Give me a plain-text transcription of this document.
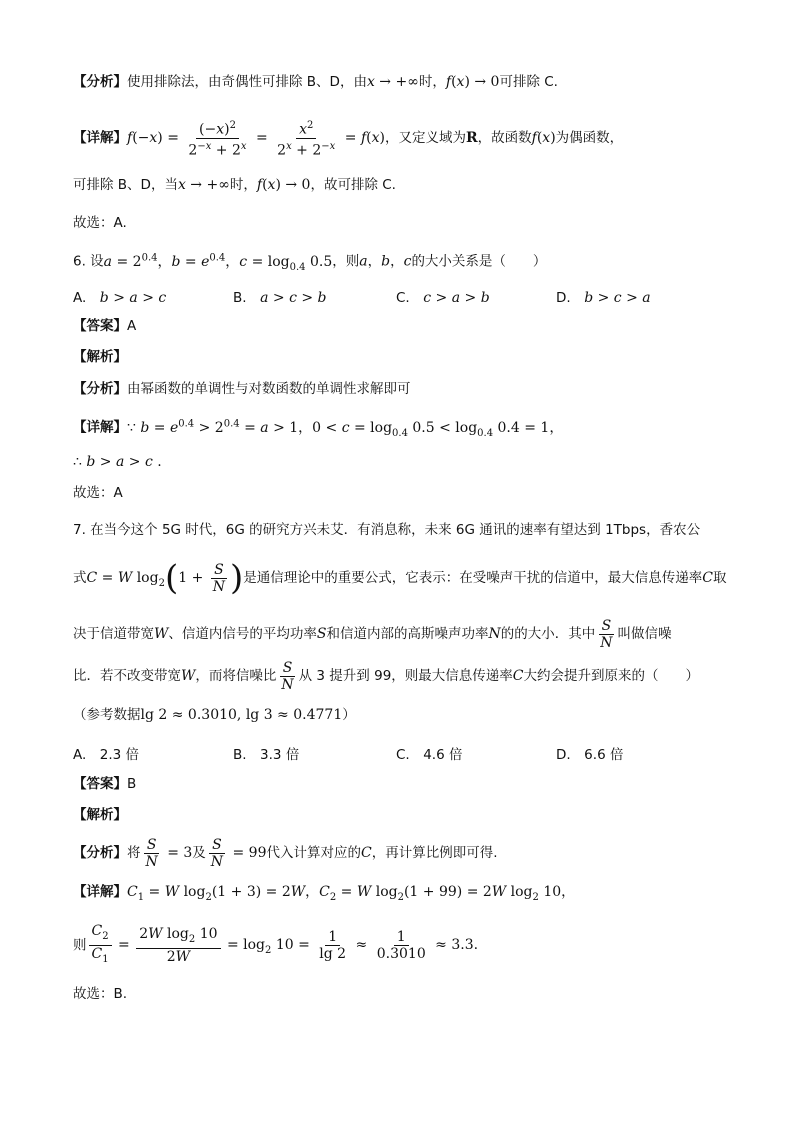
【分析】使用排除法，由奇偶性可排除 B、D，由x → +∞时，f(x) → 0可排除 C.
【详解】$f(-x) = \frac{(-x)^2}{2^{-x} + 2^x} = \frac{x^2}{2^x + 2^{-x}} = f(x)$，又定义域为R，故函数f(x)为偶函数，
可排除 B、D，当x → +∞时，f(x) → 0，故可排除 C.
故选：A.
6. 设$a = 2^{0.4}$，$b = e^{0.4}$，$c = \log_{0.4} 0.5$，则a，b，c的大小关系是（　　）
A.　 b > a > c	B.　 a > c > b	C.　 c > a > b	D.　 b > c > a
【答案】A
【解析】
【分析】由幂函数的单调性与对数函数的单调性求解即可
【详解】∵ $b = e^{0.4} > 2^{0.4} = a > 1$，$0 < c = \log_{0.4} 0.5 < \log_{0.4} 0.4 = 1$，
∴ b > a > c .
故选：A
7. 在当今这个 5G 时代，6G 的研究方兴未艾．有消息称，未来 6G 通讯的速率有望达到 1Tbps，香农公
式C = W $\log_2(1 + \frac{S}{N}$ )是通信理论中的重要公式，它表示：在受噪声干扰的信道中，最大信息传递率C取
决于信道带宽W、信道内信号的平均功率S和信道内部的高斯噪声功率N的的大小．其中 $\frac{S}{N}$ 叫做信噪
比．若不改变带宽W，而将信噪比 $\frac{S}{N}$ 从 3 提升到 99，则最大信息传递率C大约会提升到原来的（　　）
（参考数据lg 2 ≈ 0.3010, lg 3 ≈ 0.4771）
A.　2.3 倍	B.　3.3 倍	C.　4.6 倍	D.　6.6 倍
【答案】B
【解析】
【分析】将 $\frac{S}{N} = 3$及 $\frac{S}{N} = 99$代入计算对应的C，再计算比例即可得.
【详解】$C_1 = W$ $\log_2(1 + 3) = 2W$，$C_2 = W$ $\log_2(1 + 99) = 2W$ $\log_2 10$，
则 $\frac{C_2}{C_1} = \frac{2W \log_2 10}{2W} = \log_2 10 = \frac{1}{\lg 2} \approx \frac{1}{0.3010} \approx 3.3$.
故选：B.
